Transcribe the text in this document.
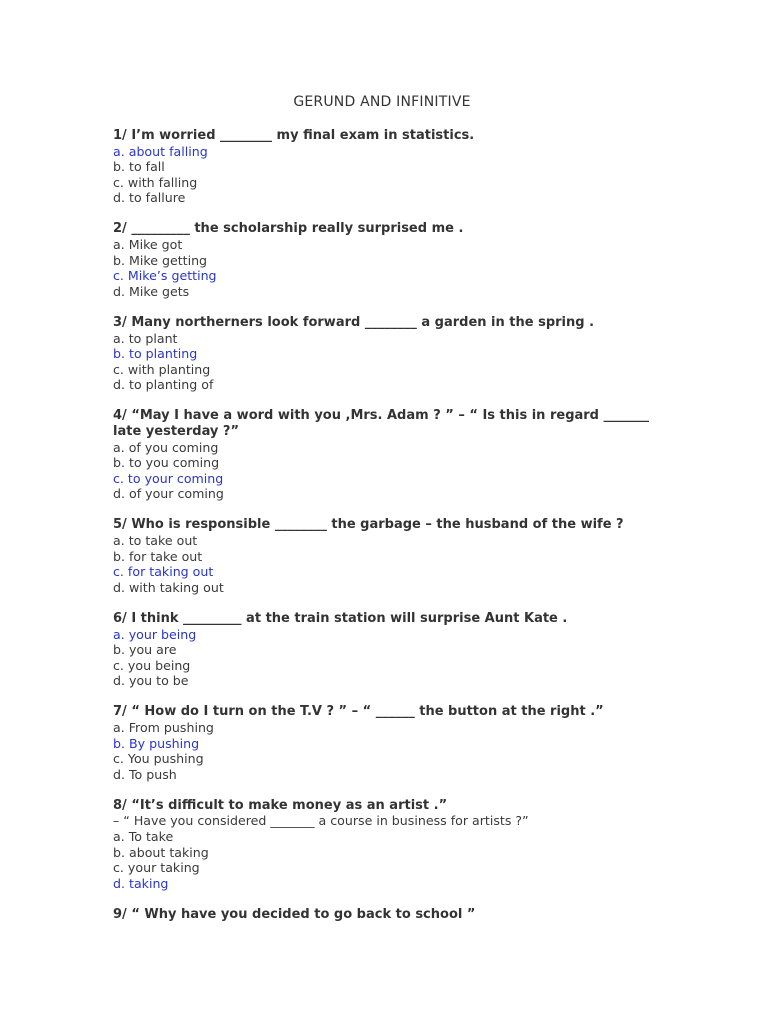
GERUND AND INFINITIVE
1/ I’m worried ________ my final exam in statistics.
a. about falling
b. to fall
c. with falling
d. to fallure
2/ _________ the scholarship really surprised me .
a. Mike got
b. Mike getting
c. Mike’s getting
d. Mike gets
3/ Many northerners look forward ________ a garden in the spring .
a. to plant
b. to planting
c. with planting
d. to planting of
4/ “May I have a word with you ,Mrs. Adam ? ” – “ Is this in regard _______ late yesterday ?”
a. of you coming
b. to you coming
c. to your coming
d. of your coming
5/ Who is responsible ________ the garbage – the husband of the wife ?
a. to take out
b. for take out
c. for taking out
d. with taking out
6/ I think _________ at the train station will surprise Aunt Kate .
a. your being
b. you are
c. you being
d. you to be
7/ “ How do I turn on the T.V ? ” – “ ______ the button at the right .”
a. From pushing
b. By pushing
c. You pushing
d. To push
8/ “It’s difficult to make money as an artist .”
– “ Have you considered _______ a course in business for artists ?”
a. To take
b. about taking
c. your taking
d. taking
9/ “ Why have you decided to go back to school ”
